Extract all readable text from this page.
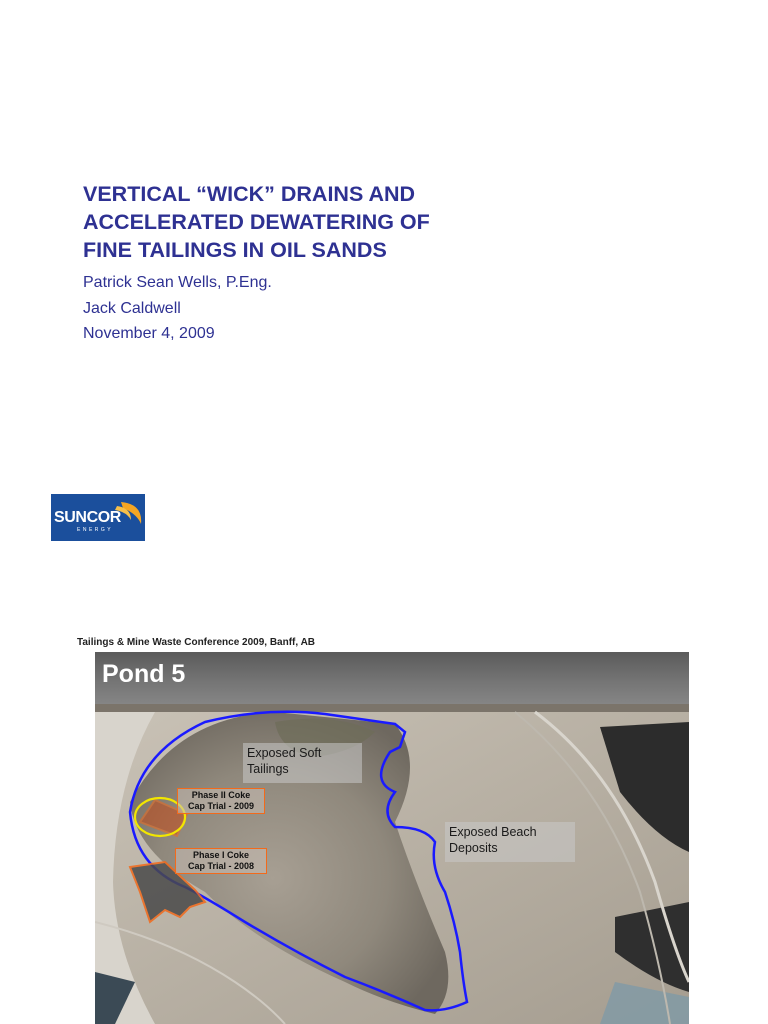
VERTICAL “WICK” DRAINS AND
ACCELERATED DEWATERING OF
FINE TAILINGS IN OIL SANDS
Patrick Sean Wells, P.Eng.
Jack Caldwell
November 4, 2009
SUNCOR
ENERGY
Tailings & Mine Waste Conference 2009, Banff, AB
Pond 5
Exposed Soft
Tailings
Exposed Beach
Deposits
Phase II Coke
Cap Trial - 2009
Phase I Coke
Cap Trial - 2008
